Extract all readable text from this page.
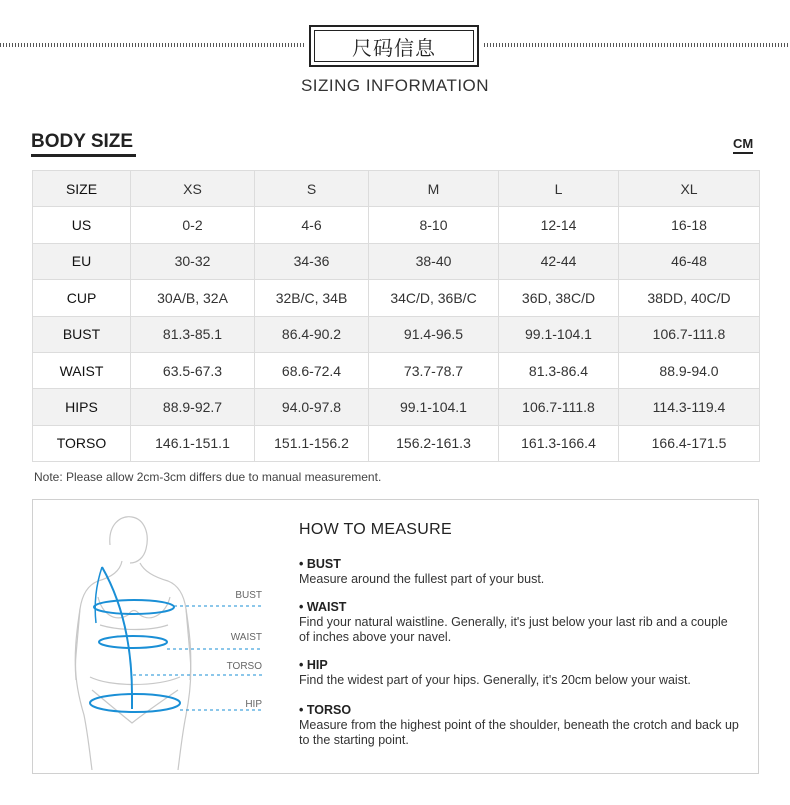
尺码信息
SIZING INFORMATION
BODY SIZE	CM
SIZE	XS	S	M	L	XL
US	0-2	4-6	8-10	12-14	16-18
EU	30-32	34-36	38-40	42-44	46-48
CUP	30A/B, 32A	32B/C, 34B	34C/D, 36B/C	36D, 38C/D	38DD, 40C/D
BUST	81.3-85.1	86.4-90.2	91.4-96.5	99.1-104.1	106.7-111.8
WAIST	63.5-67.3	68.6-72.4	73.7-78.7	81.3-86.4	88.9-94.0
HIPS	88.9-92.7	94.0-97.8	99.1-104.1	106.7-111.8	114.3-119.4
TORSO	146.1-151.1	151.1-156.2	156.2-161.3	161.3-166.4	166.4-171.5
Note: Please allow 2cm-3cm differs due to manual measurement.
BUST
WAIST
TORSO
HIP
HOW TO MEASURE
• BUST
Measure around the fullest part of your bust.
• WAIST
Find your natural waistline. Generally, it's just below your last rib and a couple of inches above your navel.
• HIP
Find the widest part of your hips. Generally, it's 20cm below your waist.
• TORSO
Measure from the highest point of the shoulder, beneath the crotch and back up to the starting point.
